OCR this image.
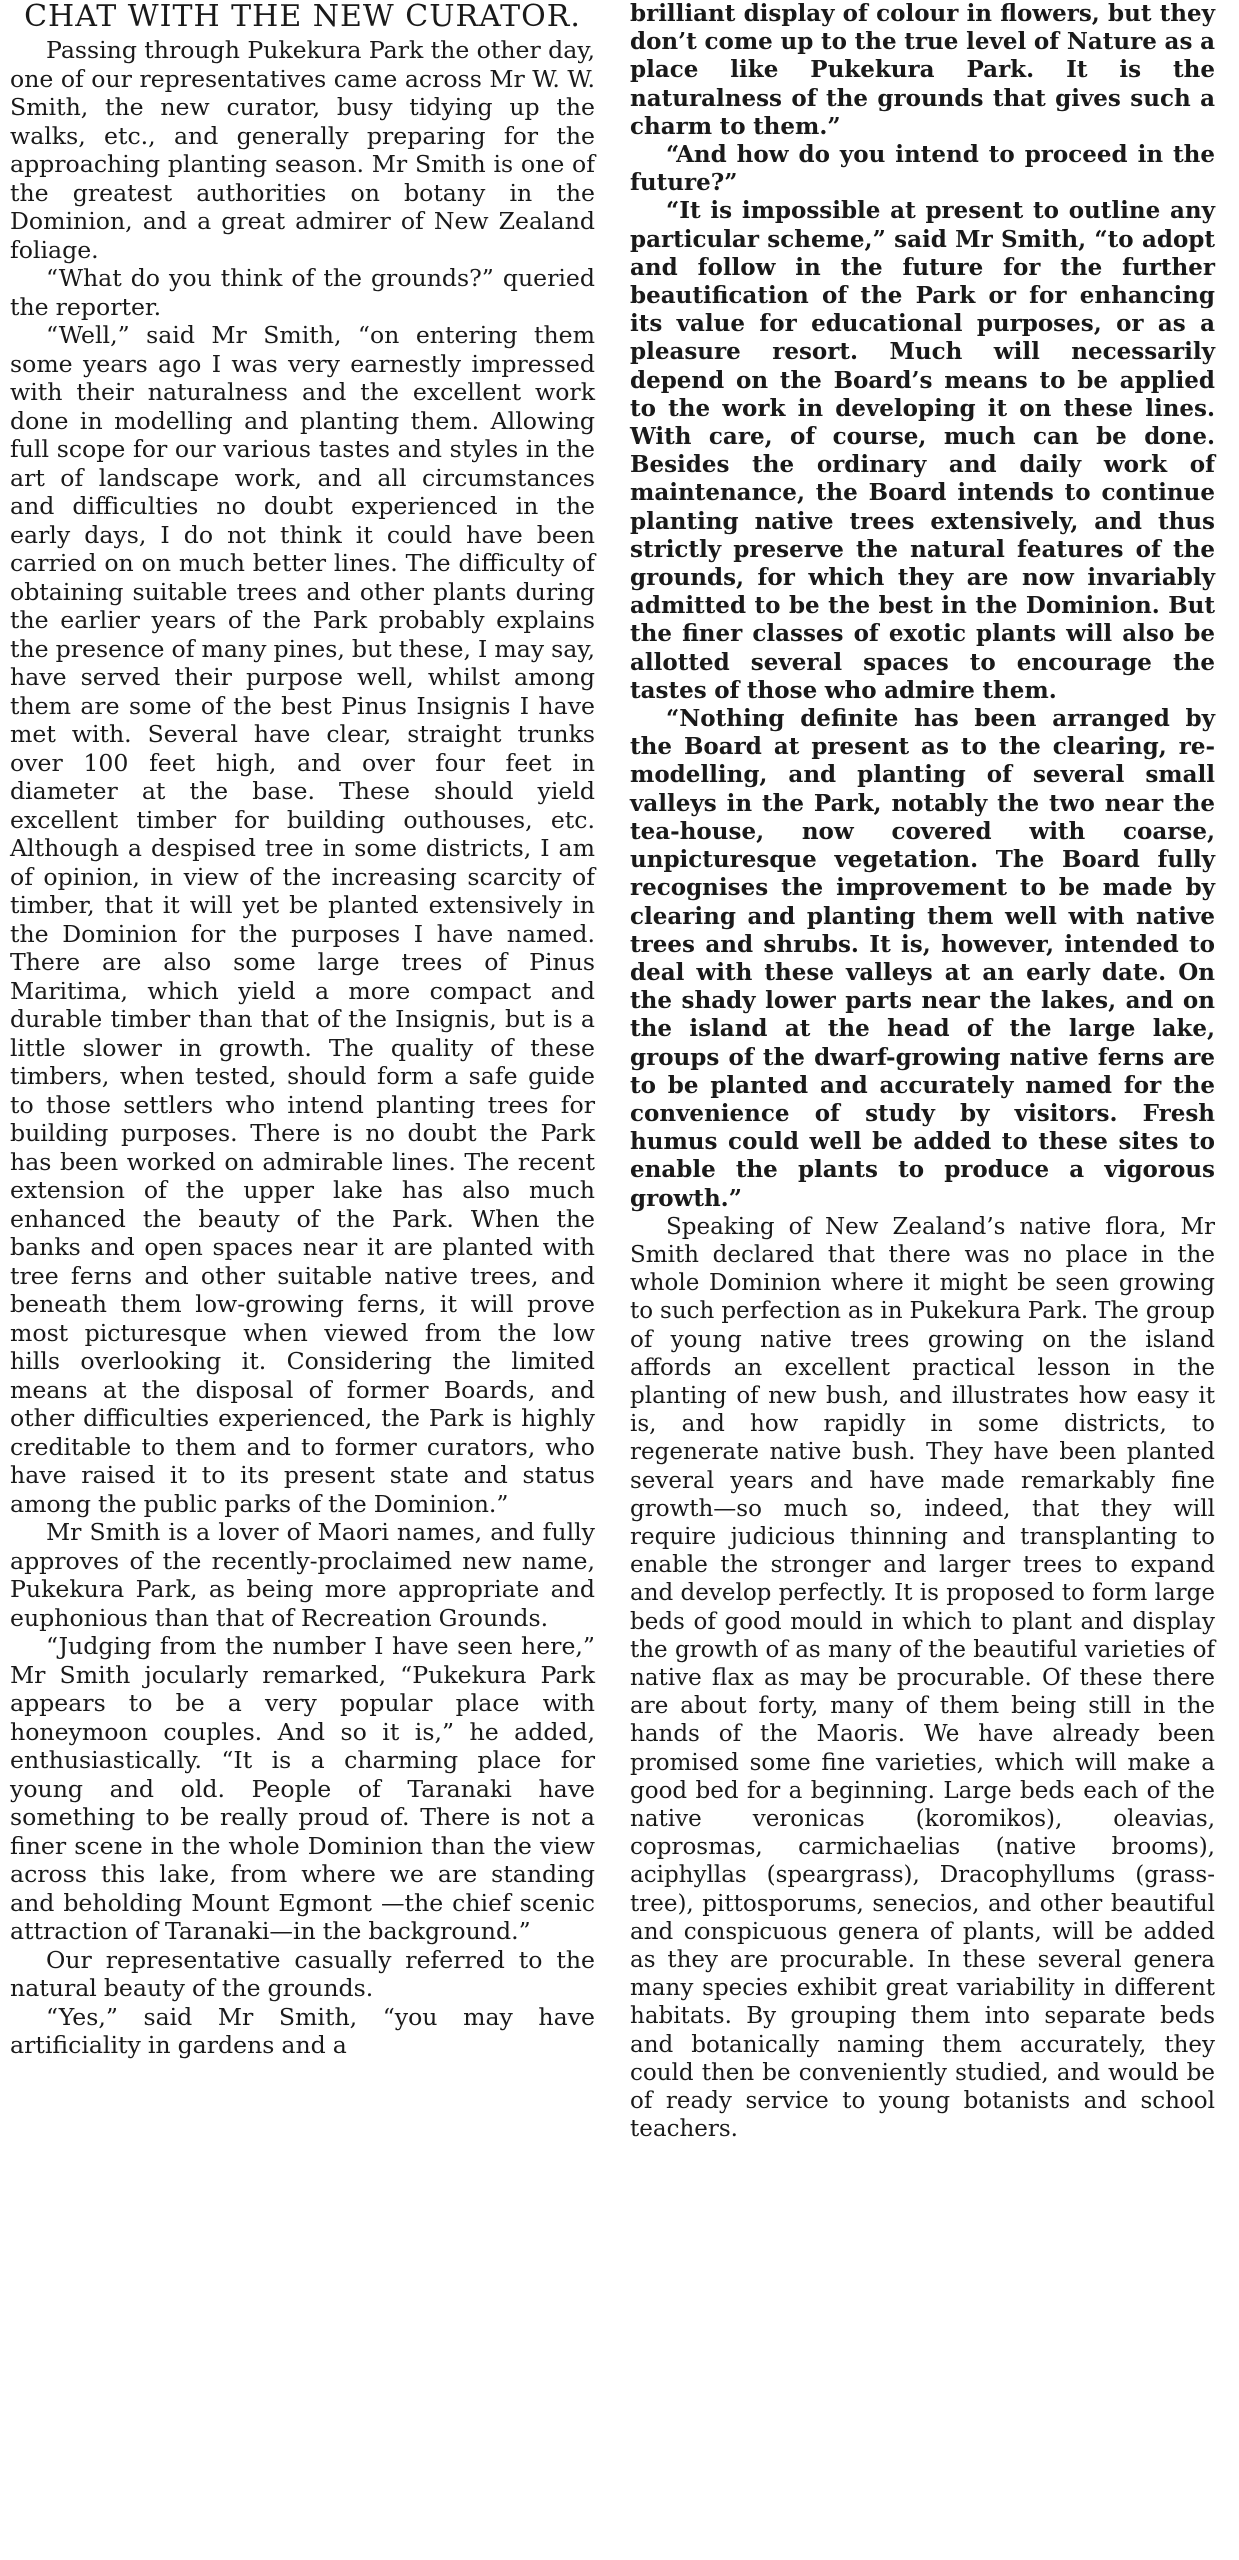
CHAT WITH THE NEW CURATOR.

Passing through Pukekura Park the other day, one of our representatives came across Mr W. W. Smith, the new curator, busy tidying up the walks, etc., and generally preparing for the approaching planting season. Mr Smith is one of the greatest authorities on botany in the Dominion, and a great admirer of New Zealand foliage.

“What do you think of the grounds?” queried the reporter.

“Well,” said Mr Smith, “on entering them some years ago I was very earnestly impressed with their naturalness and the excellent work done in modelling and planting them. Allowing full scope for our various tastes and styles in the art of landscape work, and all circumstances and difficulties no doubt experienced in the early days, I do not think it could have been carried on on much better lines. The difficulty of obtaining suitable trees and other plants during the earlier years of the Park probably explains the presence of many pines, but these, I may say, have served their purpose well, whilst among them are some of the best Pinus Insignis I have met with. Several have clear, straight trunks over 100 feet high, and over four feet in diameter at the base. These should yield excellent timber for building outhouses, etc. Although a despised tree in some districts, I am of opinion, in view of the increasing scarcity of timber, that it will yet be planted extensively in the Dominion for the purposes I have named. There are also some large trees of Pinus Maritima, which yield a more compact and durable timber than that of the Insignis, but is a little slower in growth. The quality of these timbers, when tested, should form a safe guide to those settlers who intend planting trees for building purposes. There is no doubt the Park has been worked on admirable lines. The recent extension of the upper lake has also much enhanced the beauty of the Park. When the banks and open spaces near it are planted with tree ferns and other suitable native trees, and beneath them low-growing ferns, it will prove most picturesque when viewed from the low hills overlooking it. Considering the limited means at the disposal of former Boards, and other difficulties experienced, the Park is highly creditable to them and to former curators, who have raised it to its present state and status among the public parks of the Dominion.”

Mr Smith is a lover of Maori names, and fully approves of the recently-proclaimed new name, Pukekura Park, as being more appropriate and euphonious than that of Recreation Grounds.

“Judging from the number I have seen here,” Mr Smith jocularly remarked, “Pukekura Park appears to be a very popular place with honeymoon couples. And so it is,” he added, enthusiastically. “It is a charming place for young and old. People of Taranaki have something to be really proud of. There is not a finer scene in the whole Dominion than the view across this lake, from where we are standing and beholding Mount Egmont —the chief scenic attraction of Taranaki—in the background.”

Our representative casually referred to the natural beauty of the grounds.

“Yes,” said Mr Smith, “you may have artificiality in gardens and a

brilliant display of colour in flowers, but they don’t come up to the true level of Nature as a place like Pukekura Park. It is the naturalness of the grounds that gives such a charm to them.”

“And how do you intend to proceed in the future?”

“It is impossible at present to outline any particular scheme,” said Mr Smith, “to adopt and follow in the future for the further beautification of the Park or for enhancing its value for educational purposes, or as a pleasure resort. Much will necessarily depend on the Board’s means to be applied to the work in developing it on these lines. With care, of course, much can be done. Besides the ordinary and daily work of maintenance, the Board intends to continue planting native trees extensively, and thus strictly preserve the natural features of the grounds, for which they are now invariably admitted to be the best in the Dominion. But the finer classes of exotic plants will also be allotted several spaces to encourage the tastes of those who admire them.

“Nothing definite has been arranged by the Board at present as to the clearing, re-modelling, and planting of several small valleys in the Park, notably the two near the tea-house, now covered with coarse, unpicturesque vegetation. The Board fully recognises the improvement to be made by clearing and planting them well with native trees and shrubs. It is, however, intended to deal with these valleys at an early date. On the shady lower parts near the lakes, and on the island at the head of the large lake, groups of the dwarf-growing native ferns are to be planted and accurately named for the convenience of study by visitors. Fresh humus could well be added to these sites to enable the plants to produce a vigorous growth.”

Speaking of New Zealand’s native flora, Mr Smith declared that there was no place in the whole Dominion where it might be seen growing to such perfection as in Pukekura Park. The group of young native trees growing on the island affords an excellent practical lesson in the planting of new bush, and illustrates how easy it is, and how rapidly in some districts, to regenerate native bush. They have been planted several years and have made remarkably fine growth—so much so, indeed, that they will require judicious thinning and transplanting to enable the stronger and larger trees to expand and develop perfectly. It is proposed to form large beds of good mould in which to plant and display the growth of as many of the beautiful varieties of native flax as may be procurable. Of these there are about forty, many of them being still in the hands of the Maoris. We have already been promised some fine varieties, which will make a good bed for a beginning. Large beds each of the native veronicas (koromikos), oleavias, coprosmas, carmichaelias (native brooms), aciphyllas (speargrass), Dracophyllums (grass-tree), pittosporums, senecios, and other beautiful and conspicuous genera of plants, will be added as they are procurable. In these several genera many species exhibit great variability in different habitats. By grouping them into separate beds and botanically naming them accurately, they could then be conveniently studied, and would be of ready service to young botanists and school teachers.
